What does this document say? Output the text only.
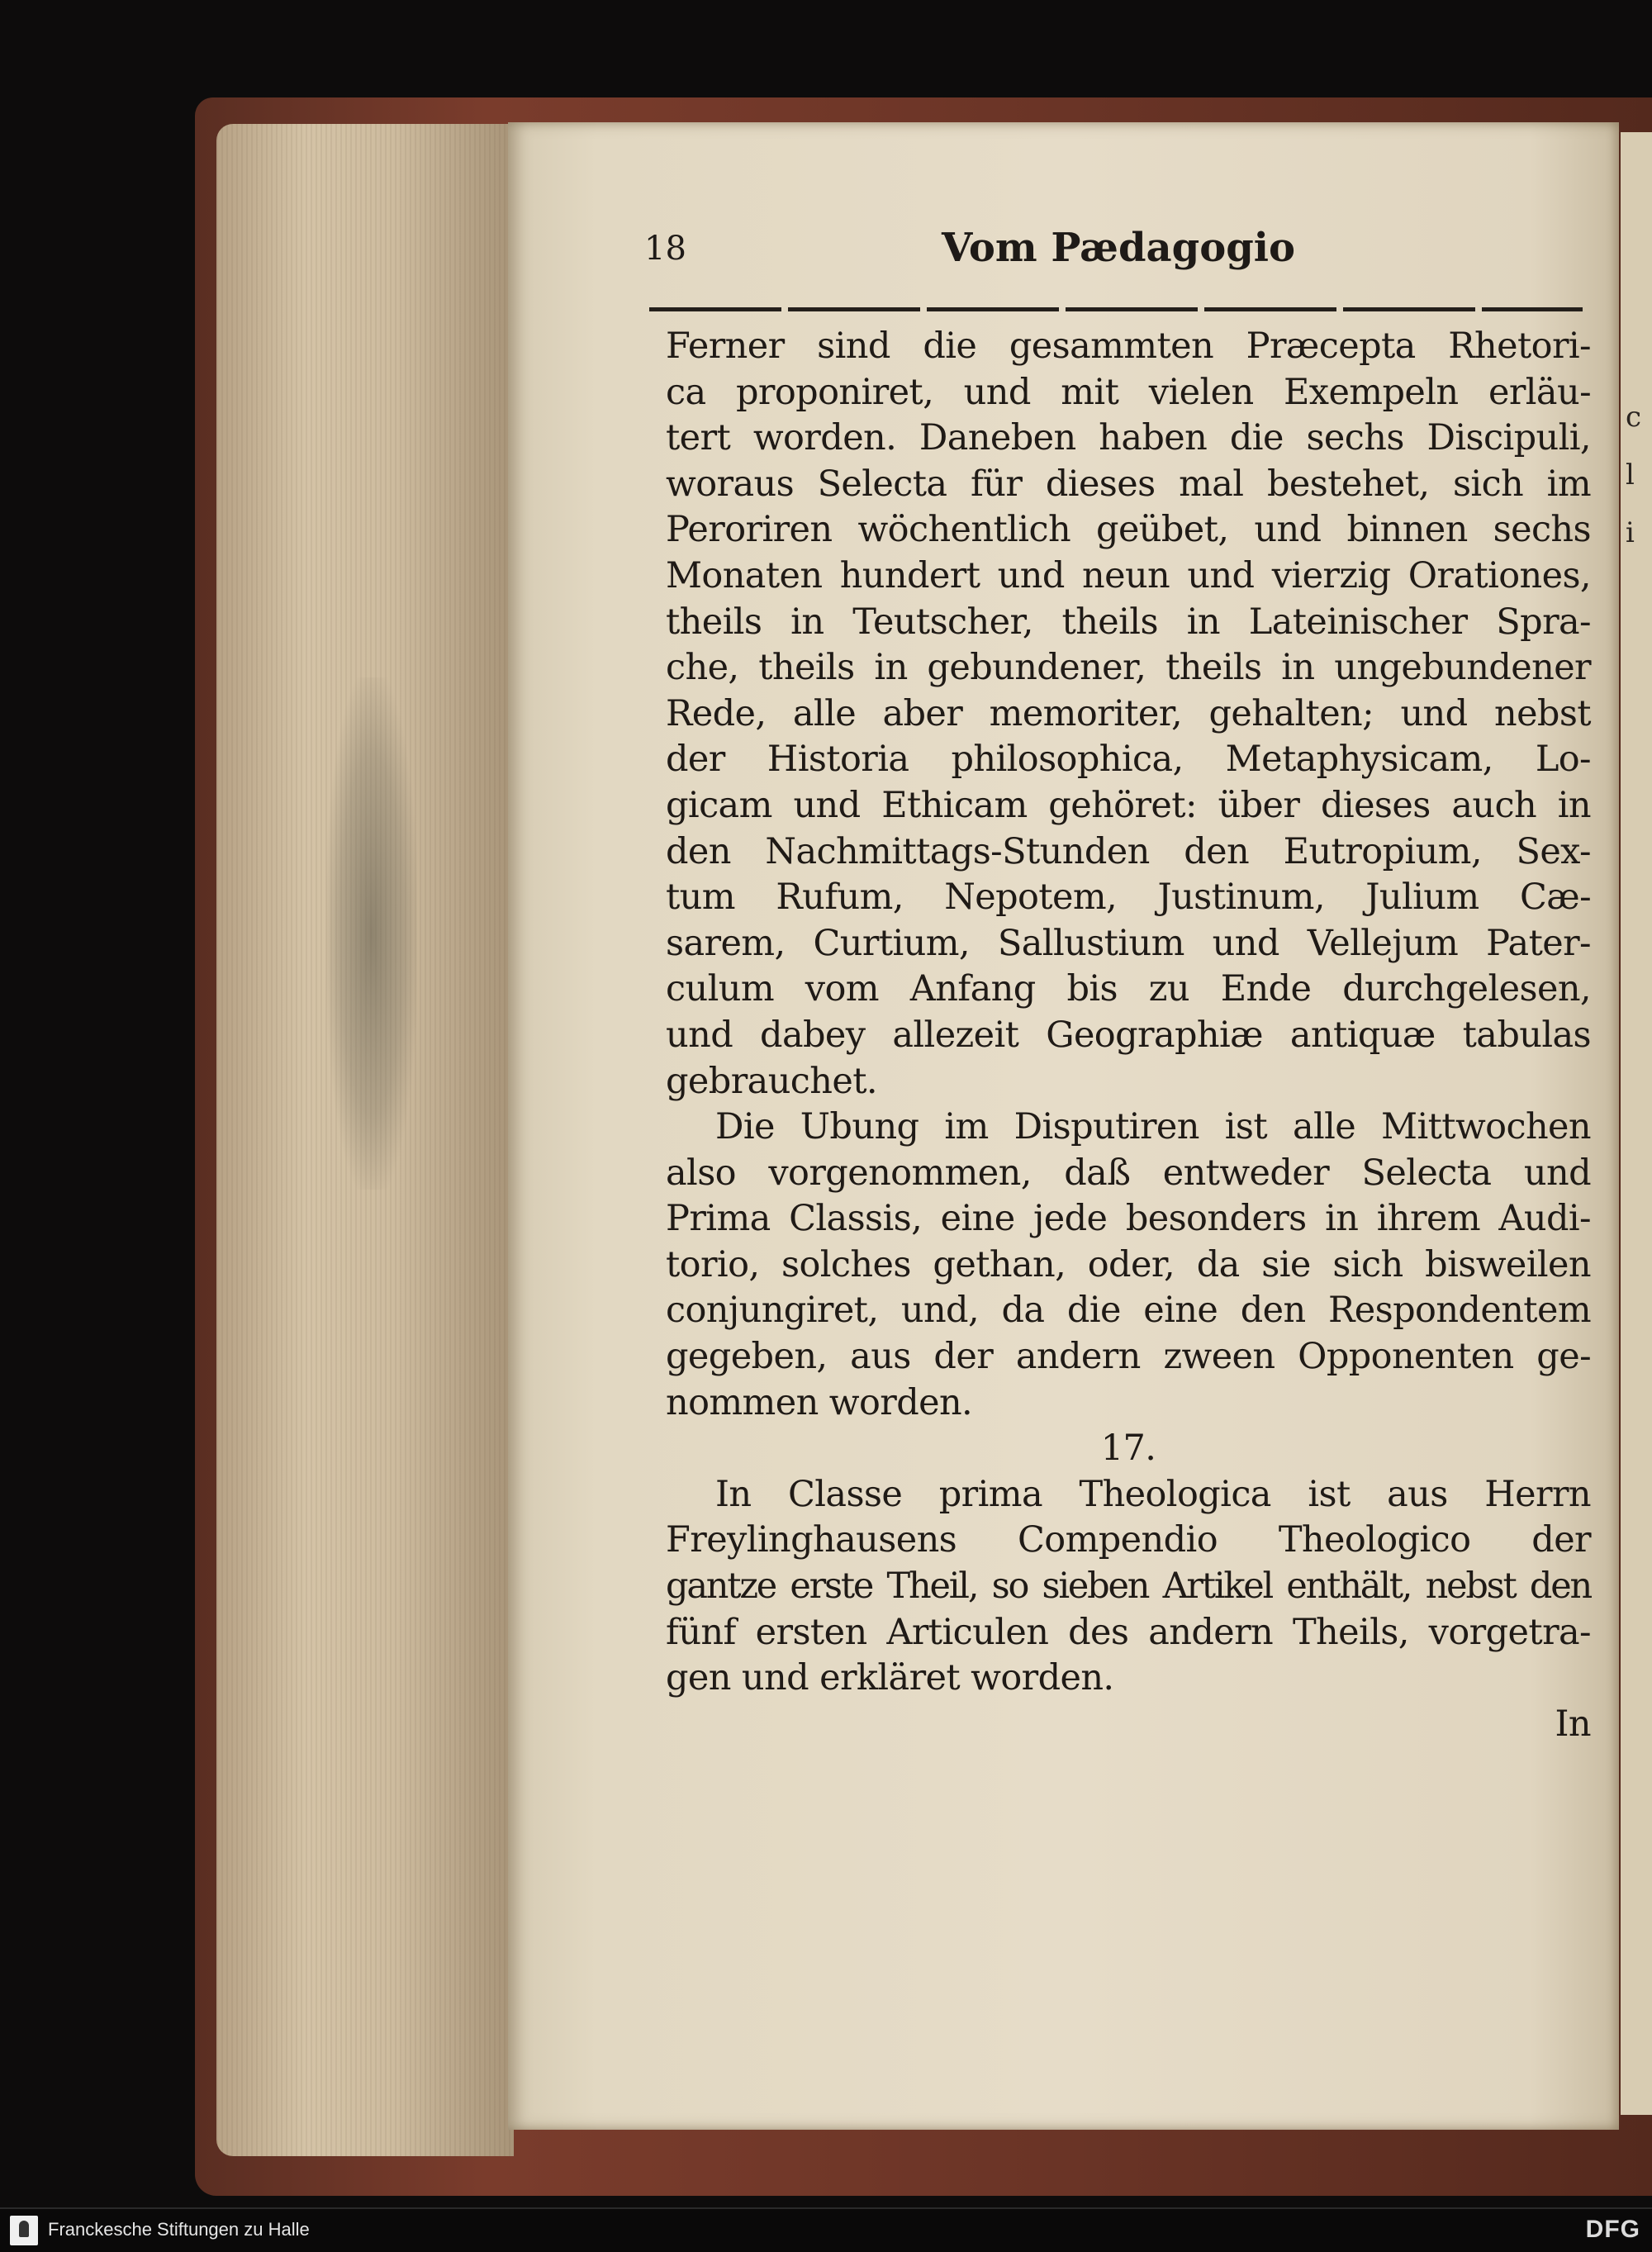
c
l
i
18	Vom Pædagogio
Ferner sind die gesammten Præcepta Rhetori-
ca proponiret, und mit vielen Exempeln erläu-
tert worden. Daneben haben die sechs Discipuli,
woraus Selecta für dieses mal bestehet, sich im
Peroriren wöchentlich geübet, und binnen sechs
Monaten hundert und neun und vierzig Orationes,
theils in Teutscher, theils in Lateinischer Spra-
che, theils in gebundener, theils in ungebundener
Rede, alle aber memoriter, gehalten; und nebst
der Historia philosophica, Metaphysicam, Lo-
gicam und Ethicam gehöret: über dieses auch in
den Nachmittags-Stunden den Eutropium, Sex-
tum Rufum, Nepotem, Justinum, Julium Cæ-
sarem, Curtium, Sallustium und Vellejum Pater-
culum vom Anfang bis zu Ende durchgelesen,
und dabey allezeit Geographiæ antiquæ tabulas
gebrauchet.
Die Ubung im Disputiren ist alle Mittwochen
also vorgenommen, daß entweder Selecta und
Prima Classis, eine jede besonders in ihrem Audi-
torio, solches gethan, oder, da sie sich bisweilen
conjungiret, und, da die eine den Respondentem
gegeben, aus der andern zween Opponenten ge-
nommen worden.
17.
In Classe prima Theologica ist aus Herrn
Freylinghausens Compendio Theologico der
gantze erste Theil, so sieben Artikel enthält, nebst den
fünf ersten Articulen des andern Theils, vorgetra-
gen und erkläret worden.
In
Franckesche Stiftungen zu Halle	DFG
